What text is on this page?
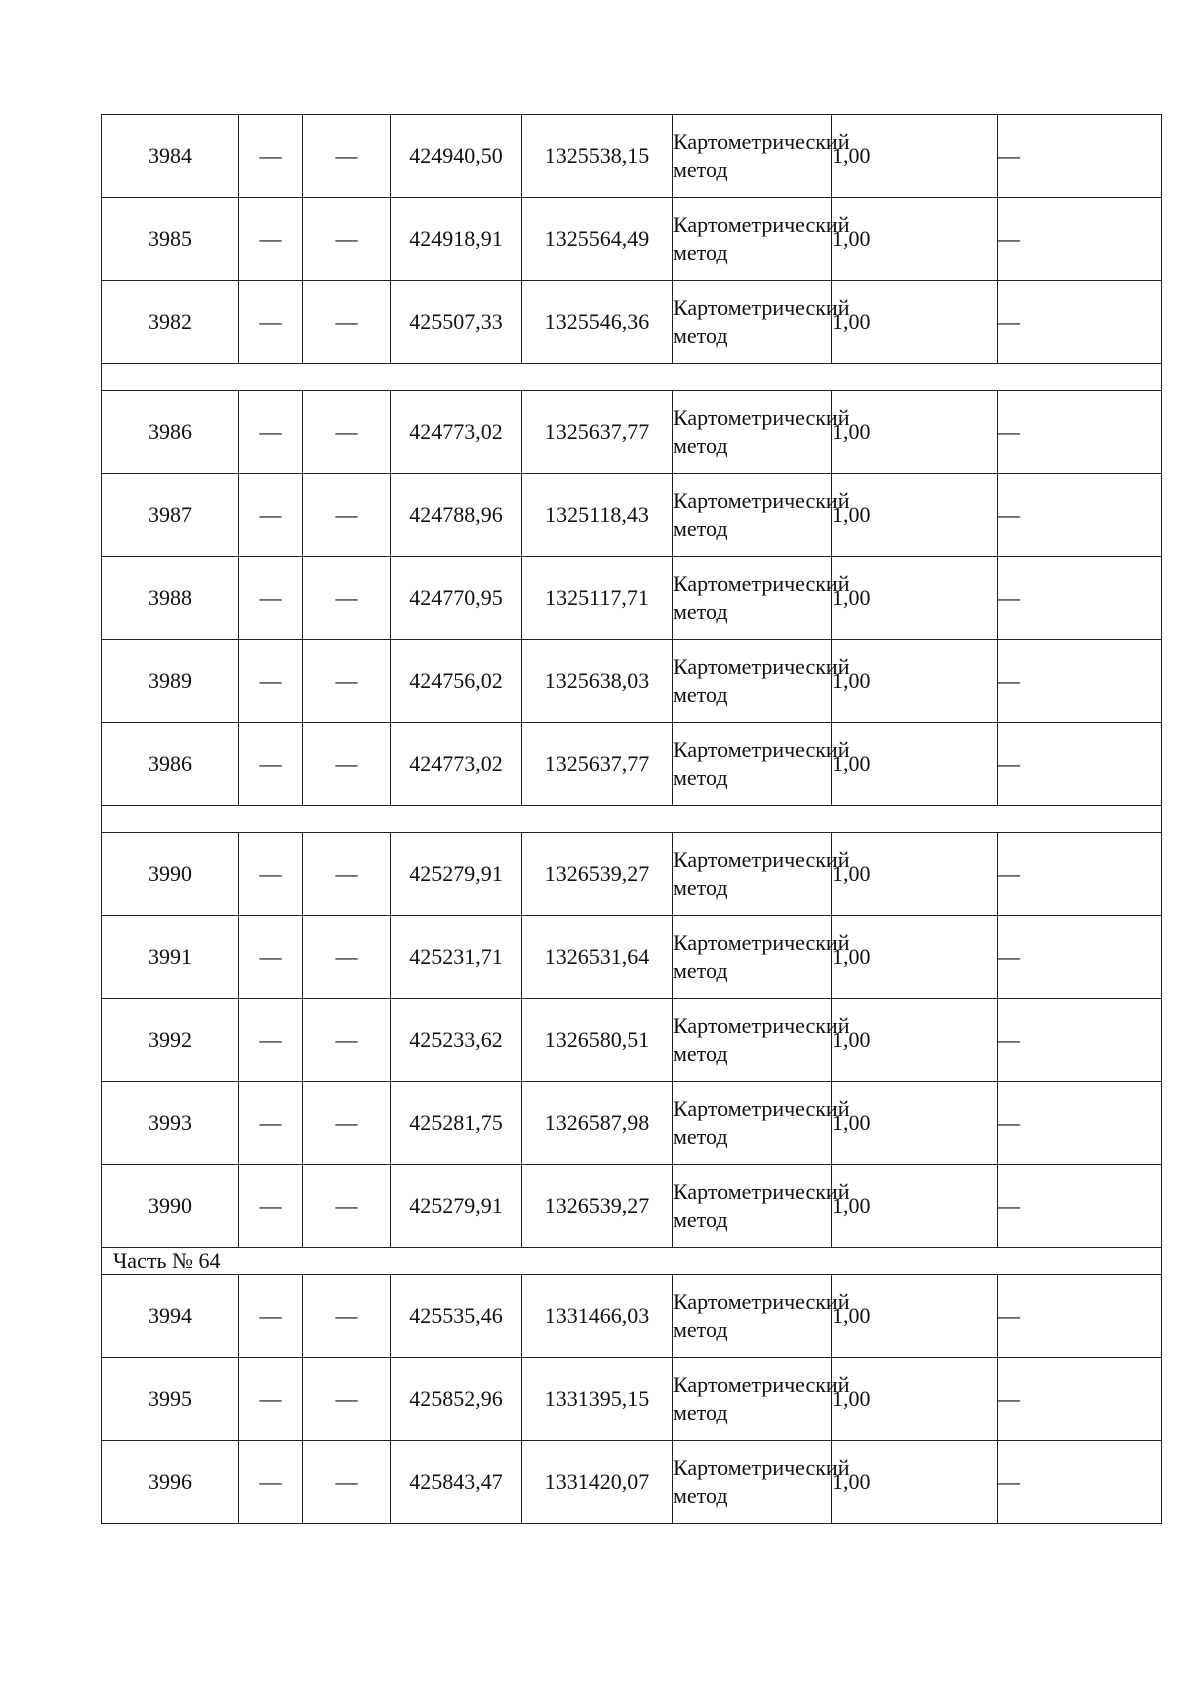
3984	—	—	424940,50	1325538,15	Картометрический метод	1,00	—
3985	—	—	424918,91	1325564,49	Картометрический метод	1,00	—
3982	—	—	425507,33	1325546,36	Картометрический метод	1,00	—

3986	—	—	424773,02	1325637,77	Картометрический метод	1,00	—
3987	—	—	424788,96	1325118,43	Картометрический метод	1,00	—
3988	—	—	424770,95	1325117,71	Картометрический метод	1,00	—
3989	—	—	424756,02	1325638,03	Картометрический метод	1,00	—
3986	—	—	424773,02	1325637,77	Картометрический метод	1,00	—

3990	—	—	425279,91	1326539,27	Картометрический метод	1,00	—
3991	—	—	425231,71	1326531,64	Картометрический метод	1,00	—
3992	—	—	425233,62	1326580,51	Картометрический метод	1,00	—
3993	—	—	425281,75	1326587,98	Картометрический метод	1,00	—
3990	—	—	425279,91	1326539,27	Картометрический метод	1,00	—
Часть № 64							
3994	—	—	425535,46	1331466,03	Картометрический метод	1,00	—
3995	—	—	425852,96	1331395,15	Картометрический метод	1,00	—
3996	—	—	425843,47	1331420,07	Картометрический метод	1,00	—
